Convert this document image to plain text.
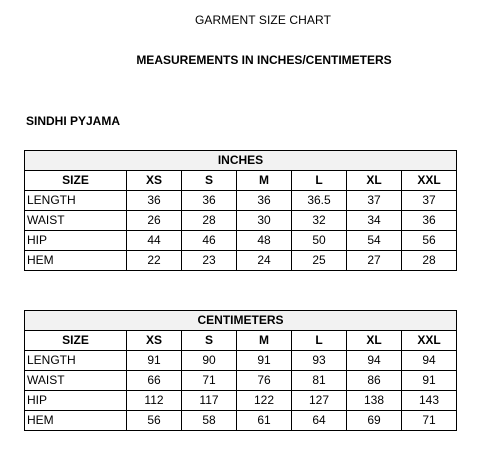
GARMENT SIZE CHART
MEASUREMENTS IN INCHES/CENTIMETERS
SINDHI PYJAMA
INCHES						
SIZE	XS	S	M	L	XL	XXL
LENGTH	36	36	36	36.5	37	37
WAIST	26	28	30	32	34	36
HIP	44	46	48	50	54	56
HEM	22	23	24	25	27	28
CENTIMETERS						
SIZE	XS	S	M	L	XL	XXL
LENGTH	91	90	91	93	94	94
WAIST	66	71	76	81	86	91
HIP	112	117	122	127	138	143
HEM	56	58	61	64	69	71
